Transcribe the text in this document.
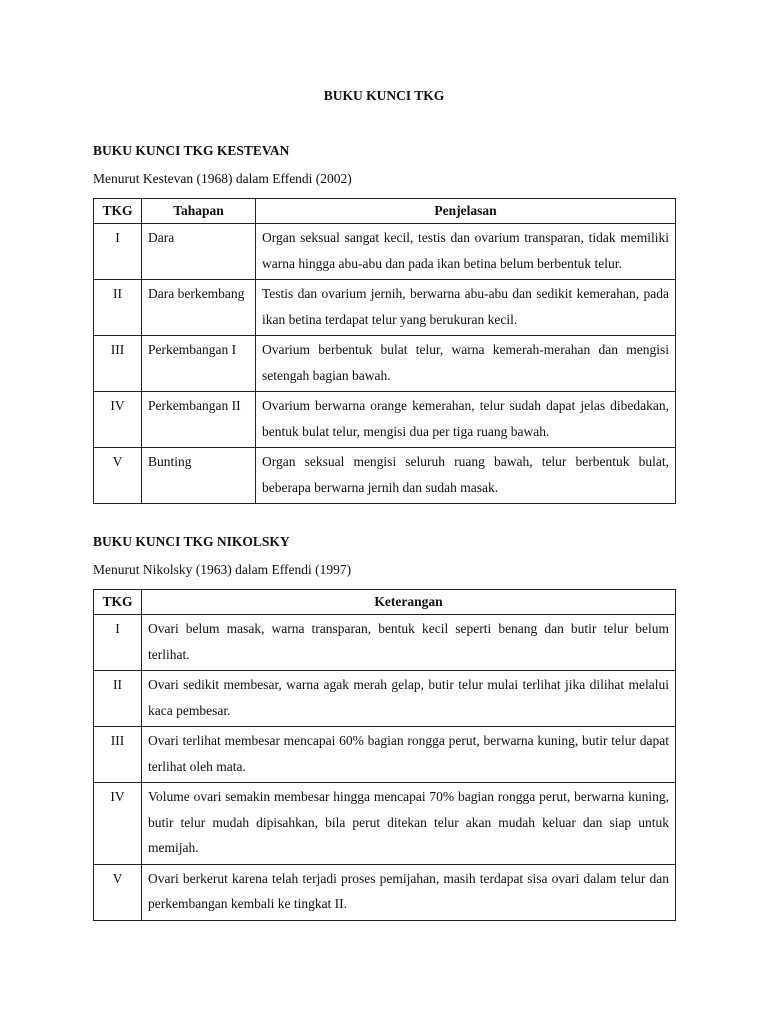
BUKU KUNCI TKG
BUKU KUNCI TKG KESTEVAN
Menurut Kestevan (1968) dalam Effendi (2002)
TKG	Tahapan	Penjelasan
I	Dara	Organ seksual sangat kecil, testis dan ovarium transparan, tidak memiliki warna hingga abu-abu dan pada ikan betina belum berbentuk telur.
II	Dara berkembang	Testis dan ovarium jernih, berwarna abu-abu dan sedikit kemerahan, pada ikan betina terdapat telur yang berukuran kecil.
III	Perkembangan I	Ovarium berbentuk bulat telur, warna kemerah-merahan dan mengisi setengah bagian bawah.
IV	Perkembangan II	Ovarium berwarna orange kemerahan, telur sudah dapat jelas dibedakan, bentuk bulat telur, mengisi dua per tiga ruang bawah.
V	Bunting	Organ seksual mengisi seluruh ruang bawah, telur berbentuk bulat, beberapa berwarna jernih dan sudah masak.
BUKU KUNCI TKG NIKOLSKY
Menurut Nikolsky (1963) dalam Effendi (1997)
TKG	Keterangan
I	Ovari belum masak, warna transparan, bentuk kecil seperti benang dan butir telur belum terlihat.
II	Ovari sedikit membesar, warna agak merah gelap, butir telur mulai terlihat jika dilihat melalui kaca pembesar.
III	Ovari terlihat membesar mencapai 60% bagian rongga perut, berwarna kuning, butir telur dapat terlihat oleh mata.
IV	Volume ovari semakin membesar hingga mencapai 70% bagian rongga perut, berwarna kuning, butir telur mudah dipisahkan, bila perut ditekan telur akan mudah keluar dan siap untuk memijah.
V	Ovari berkerut karena telah terjadi proses pemijahan, masih terdapat sisa ovari dalam telur dan perkembangan kembali ke tingkat II.
